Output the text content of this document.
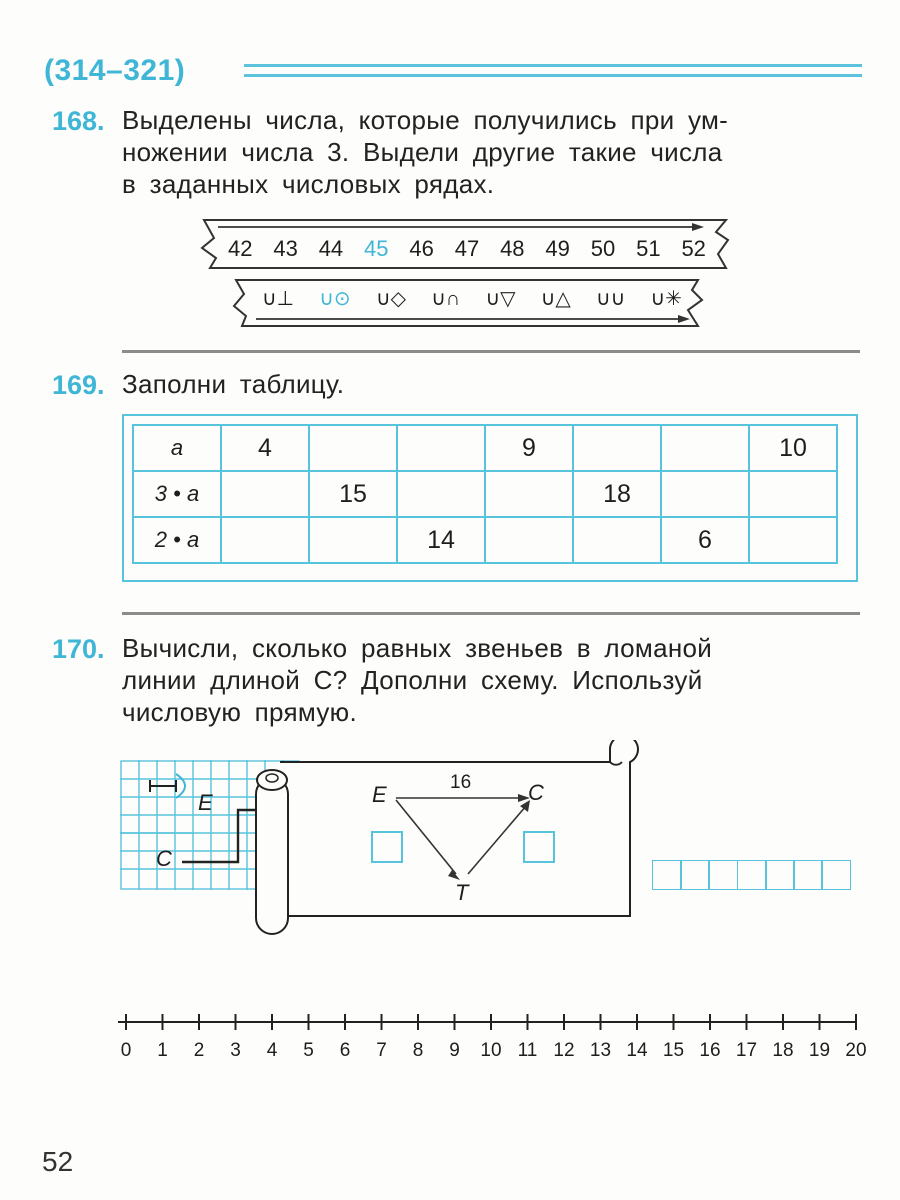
(314–321)
168. Выделены числа, которые получились при ум-
ножении числа 3. Выдели другие такие числа
в заданных числовых рядах.
42 43 44 45 46 47 48 49 50 51 52
∪⊥ ∪⊙ ∪◇ ∪∩ ∪▽ ∪△ ∪∪ ∪✳
169. Заполни таблицу.
a	4			9			10
3 • a		15			18		
2 • a			14			6	
170. Вычисли, сколько равных звеньев в ломаной
линии длиной C? Дополни схему. Используй
числовую прямую.
E
C
E	C
T
16
0 1 2 3 4 5 6 7 8 9 10 11 12 13 14 15 16 17 18 19 20
52
